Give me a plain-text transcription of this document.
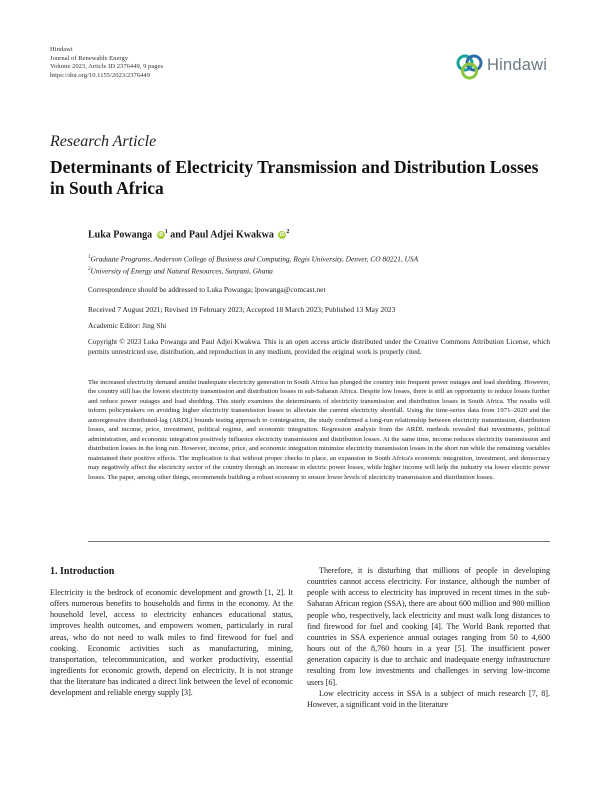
Hindawi
Journal of Renewable Energy
Volume 2023, Article ID 2376449, 9 pages
https://doi.org/10.1155/2023/2376449
Hindawi
Research Article
Determinants of Electricity Transmission and Distribution Losses in South Africa
Luka Powanga $iD^1$ and Paul Adjei Kwakwa $iD^2$
$^1$Graduate Programs, Anderson College of Business and Computing, Regis University, Denver, CO 80221, USA
$^2$University of Energy and Natural Resources, Sunyani, Ghana
Correspondence should be addressed to Luka Powanga; lpowanga@comcast.net
Received 7 August 2021; Revised 19 February 2023; Accepted 18 March 2023; Published 13 May 2023
Academic Editor: Jing Shi
Copyright © 2023 Luka Powanga and Paul Adjei Kwakwa. This is an open access article distributed under the Creative Commons Attribution License, which permits unrestricted use, distribution, and reproduction in any medium, provided the original work is properly cited.
The increased electricity demand amidst inadequate electricity generation in South Africa has plunged the country into frequent power outages and load shedding. However, the country still has the lowest electricity transmission and distribution losses in sub-Saharan Africa. Despite low losses, there is still an opportunity to reduce losses further and reduce power outages and load shedding. This study examines the determinants of electricity transmission and distribution losses in South Africa. The results will inform policymakers on avoiding higher electricity transmission losses to alleviate the current electricity shortfall. Using the time-series data from 1971–2020 and the autoregressive distributed-lag (ARDL) bounds testing approach to cointegration, the study confirmed a long-run relationship between electricity transmission, distribution losses, and income, price, investment, political regime, and economic integration. Regression analysis from the ARDL methods revealed that investments, political administration, and economic integration positively influence electricity transmission and distribution losses. At the same time, income reduces electricity transmission and distribution losses in the long run. However, income, price, and economic integration minimize electricity transmission losses in the short run while the remaining variables maintained their positive effects. The implication is that without proper checks in place, an expansion in South Africa's economic integration, investment, and democracy may negatively affect the electricity sector of the country through an increase in electric power losses, while higher income will help the industry via lower electric power losses. The paper, among other things, recommends building a robust economy to ensure lower levels of electricity transmission and distribution losses.
1. Introduction

Electricity is the bedrock of economic development and growth [1, 2]. It offers numerous benefits to households and firms in the economy. At the household level, access to electricity enhances educational status, improves health outcomes, and empowers women, particularly in rural areas, who do not need to walk miles to find firewood for fuel and cooking. Economic activities such as manufacturing, mining, transportation, telecommunication, and worker productivity, essential ingredients for economic growth, depend on electricity. It is not strange that the literature has indicated a direct link between the level of economic development and reliable energy supply [3].

Therefore, it is disturbing that millions of people in developing countries cannot access electricity. For instance, although the number of people with access to electricity has improved in recent times in the sub-Saharan African region (SSA), there are about 600 million and 900 million people who, respectively, lack electricity and must walk long distances to find firewood for fuel and cooking [4]. The World Bank reported that countries in SSA experience annual outages ranging from 50 to 4,600 hours out of the 8,760 hours in a year [5]. The insufficient power generation capacity is due to archaic and inadequate energy infrastructure resulting from low investments and challenges in serving low-income users [6].

Low electricity access in SSA is a subject of much research [7, 8]. However, a significant void in the literature
